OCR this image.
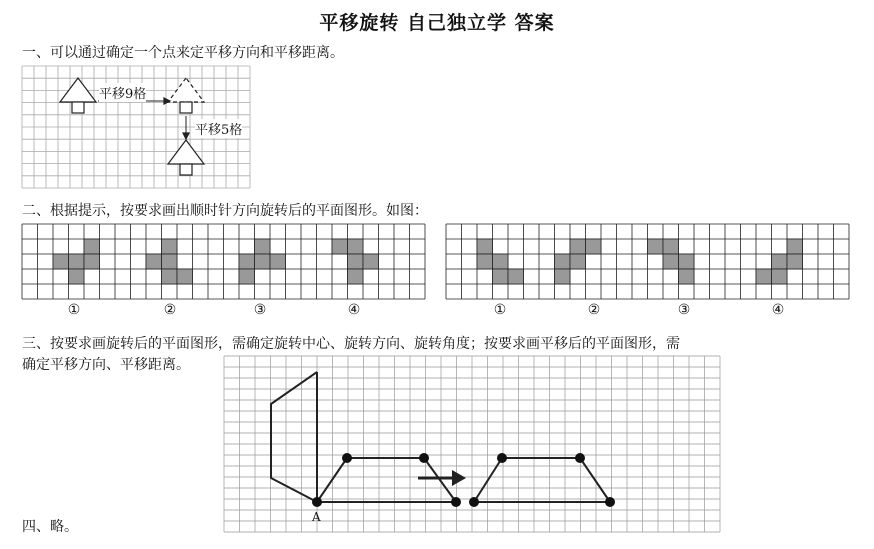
平移旋转 自己独立学 答案
一、可以通过确定一个点来定平移方向和平移距离。
平移9格
平移5格
二、根据提示，按要求画出顺时针方向旋转后的平面图形。如图：
①	②	③	④	①	②	③	④
三、按要求画旋转后的平面图形，需确定旋转中心、旋转方向、旋转角度；按要求画平移后的平面图形，需
确定平移方向、平移距离。
A
四、略。
